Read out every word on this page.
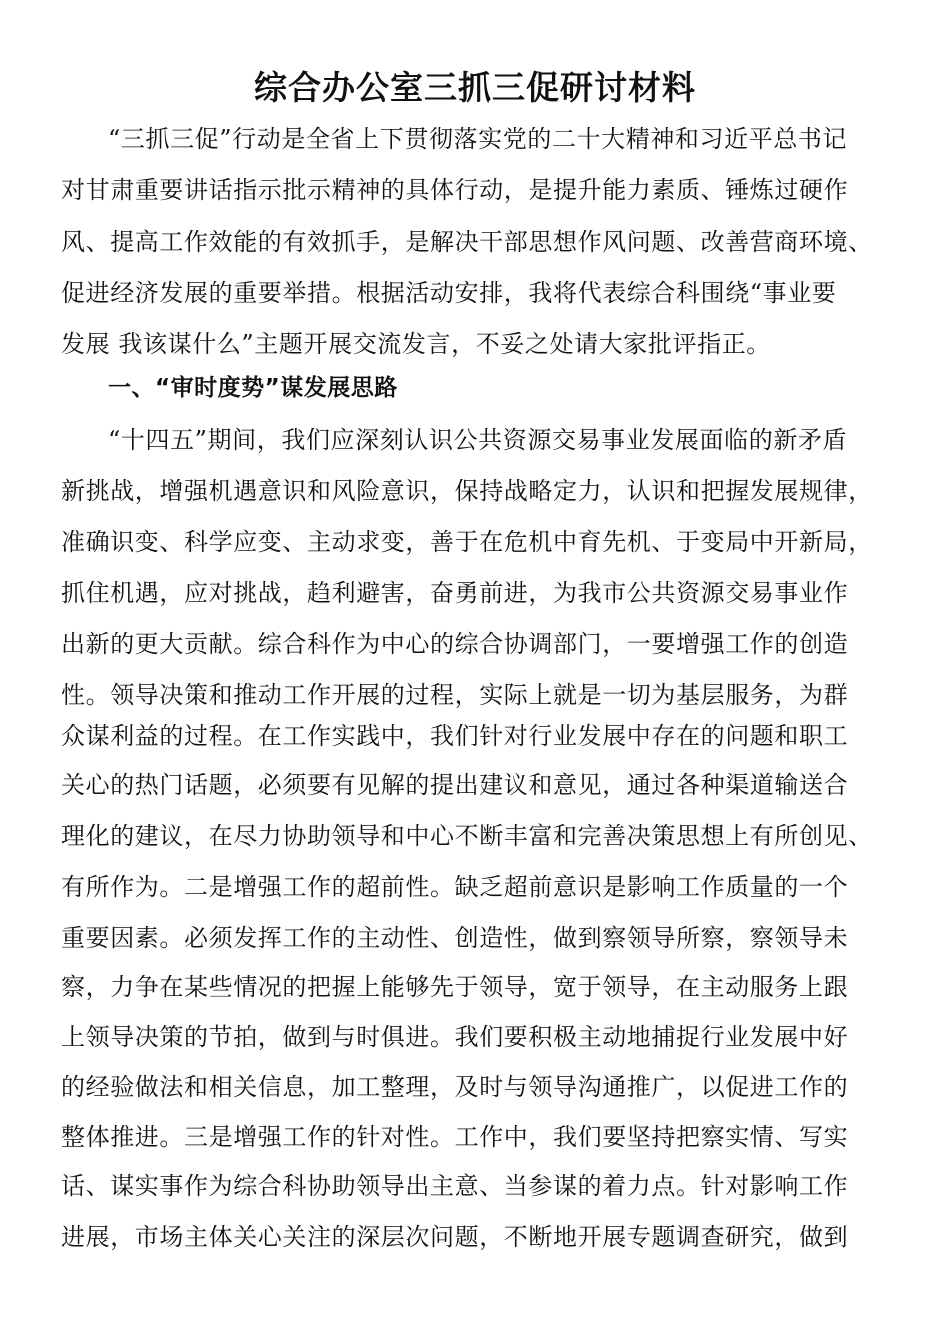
综合办公室三抓三促研讨材料
“三抓三促”行动是全省上下贯彻落实党的二十大精神和习近平总书记
对甘肃重要讲话指示批示精神的具体行动，是提升能力素质、锤炼过硬作
风、提高工作效能的有效抓手，是解决干部思想作风问题、改善营商环境、
促进经济发展的重要举措。根据活动安排，我将代表综合科围绕“事业要
发展 我该谋什么”主题开展交流发言，不妥之处请大家批评指正。
一、“审时度势”谋发展思路
“十四五”期间，我们应深刻认识公共资源交易事业发展面临的新矛盾
新挑战，增强机遇意识和风险意识，保持战略定力，认识和把握发展规律，
准确识变、科学应变、主动求变，善于在危机中育先机、于变局中开新局，
抓住机遇，应对挑战，趋利避害，奋勇前进，为我市公共资源交易事业作
出新的更大贡献。综合科作为中心的综合协调部门，一要增强工作的创造
性。领导决策和推动工作开展的过程，实际上就是一切为基层服务，为群
众谋利益的过程。在工作实践中，我们针对行业发展中存在的问题和职工
关心的热门话题，必须要有见解的提出建议和意见，通过各种渠道输送合
理化的建议，在尽力协助领导和中心不断丰富和完善决策思想上有所创见、
有所作为。二是增强工作的超前性。缺乏超前意识是影响工作质量的一个
重要因素。必须发挥工作的主动性、创造性，做到察领导所察，察领导未
察，力争在某些情况的把握上能够先于领导，宽于领导，在主动服务上跟
上领导决策的节拍，做到与时俱进。我们要积极主动地捕捉行业发展中好
的经验做法和相关信息，加工整理，及时与领导沟通推广，以促进工作的
整体推进。三是增强工作的针对性。工作中，我们要坚持把察实情、写实
话、谋实事作为综合科协助领导出主意、当参谋的着力点。针对影响工作
进展，市场主体关心关注的深层次问题，不断地开展专题调查研究，做到
